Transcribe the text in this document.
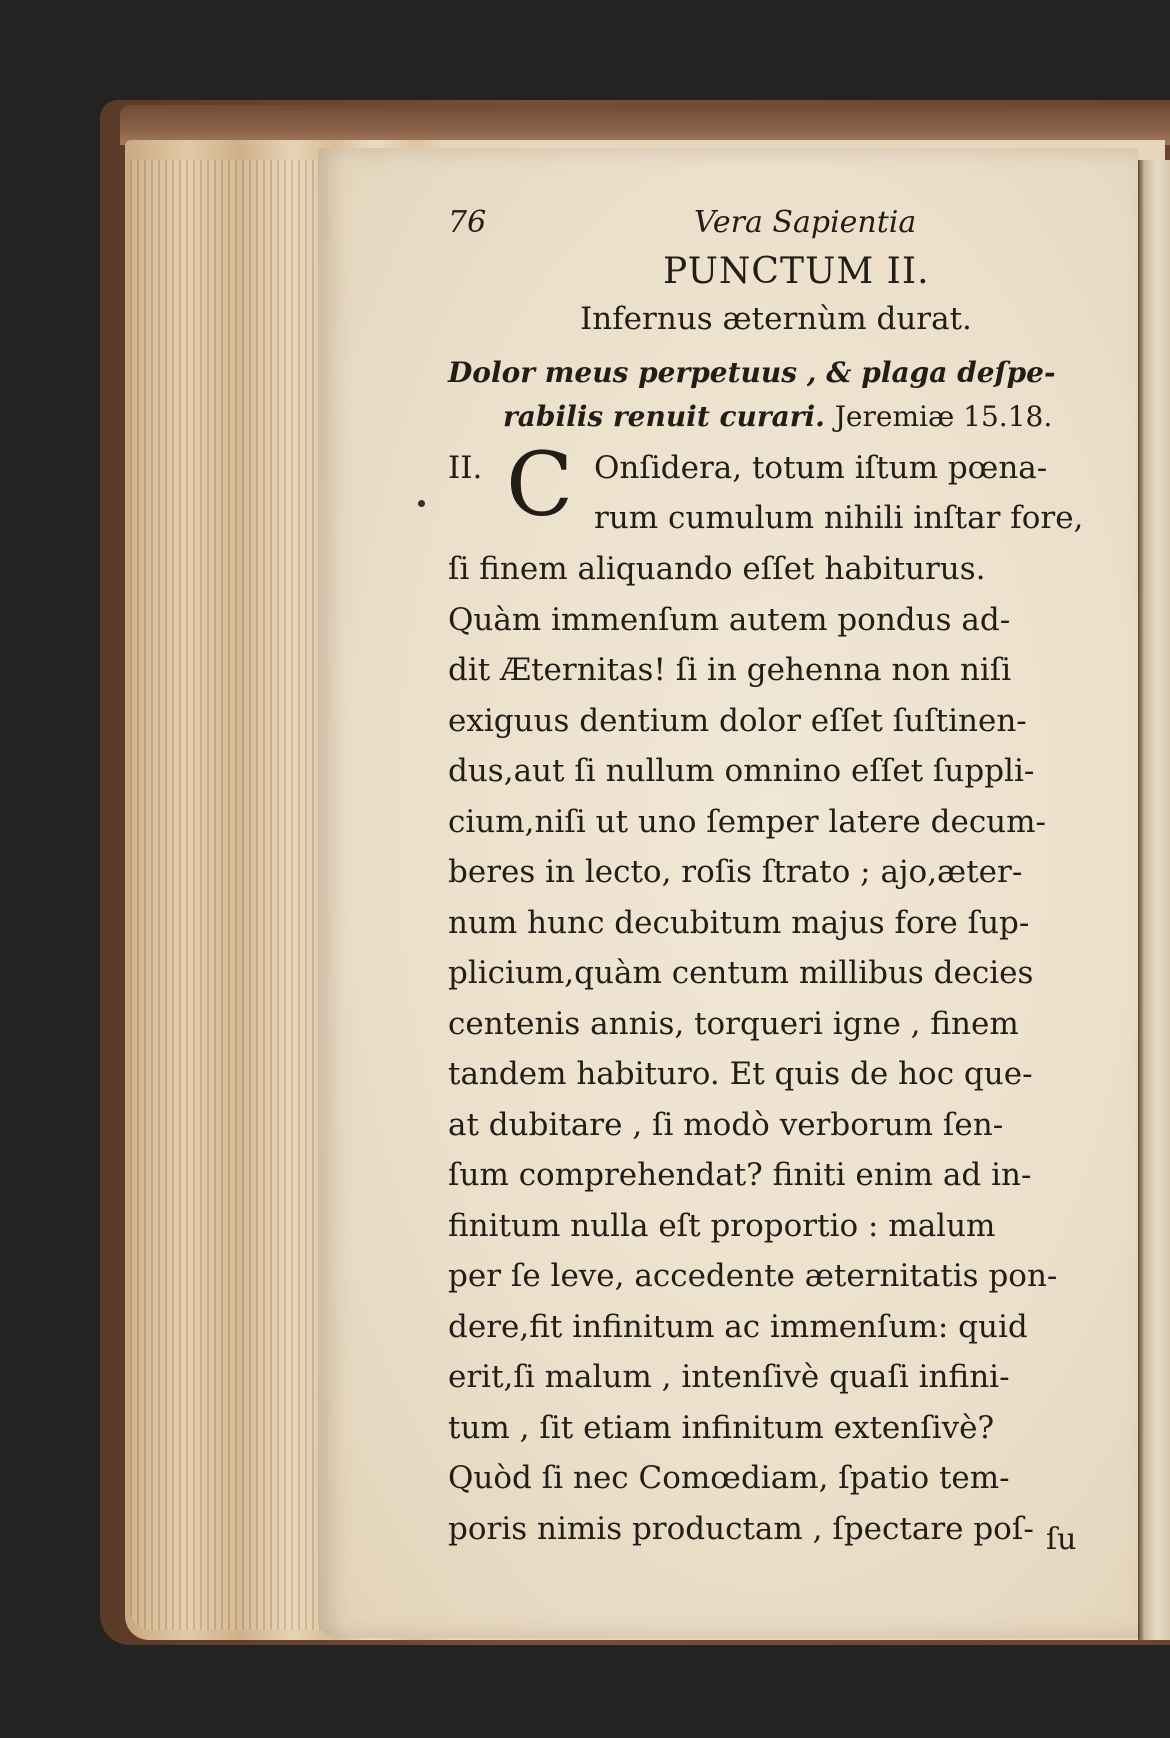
76	Vera Sapientia
PUNCTUM II.
Infernus æternùm durat.
Dolor meus perpetuus , & plaga deſpe-
rabilis renuit curari. Jeremiæ 15.18.
II. C Onſidera, totum iſtum pœna-
rum cumulum nihili inſtar fore,
ſi finem aliquando eſſet habiturus.
Quàm immenſum autem pondus ad-
dit Æternitas! ſi in gehenna non niſi
exiguus dentium dolor eſſet ſuſtinen-
dus,aut ſi nullum omnino eſſet ſuppli-
cium,niſi ut uno ſemper latere decum-
beres in lecto, roſis ſtrato ; ajo,æter-
num hunc decubitum majus fore ſup-
plicium,quàm centum millibus decies
centenis annis, torqueri igne , finem
tandem habituro. Et quis de hoc que-
at dubitare , ſi modò verborum ſen-
ſum comprehendat? finiti enim ad in-
finitum nulla eſt proportio : malum
per ſe leve, accedente æternitatis pon-
dere,fit infinitum ac immenſum: quid
erit,ſi malum , intenſivè quaſi infini-
tum , ſit etiam infinitum extenſivè?
Quòd ſi nec Comœdiam, ſpatio tem-
poris nimis productam , ſpectare poſ- ſu
